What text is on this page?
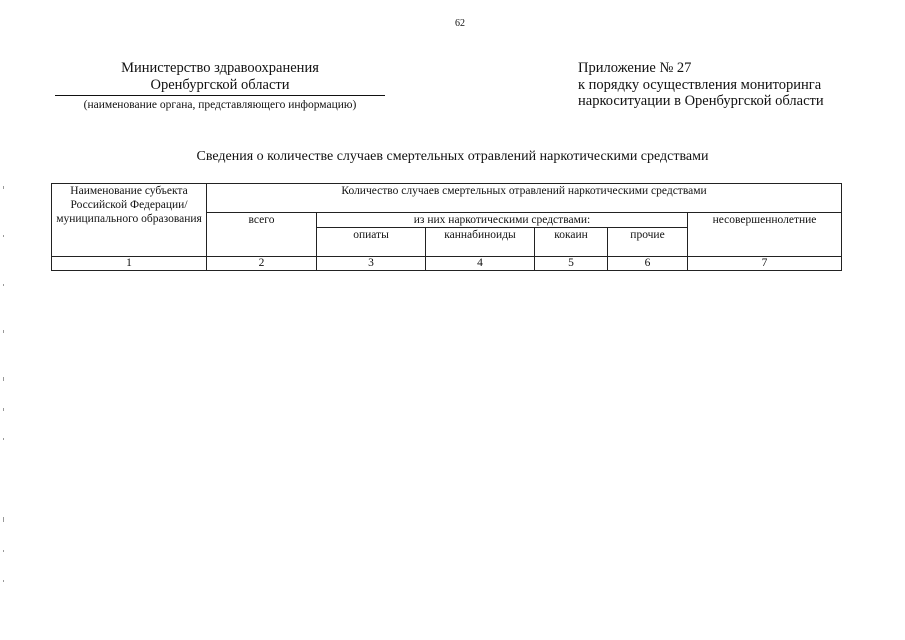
62
Министерство здравоохранения
Оренбургской области
(наименование органа, представляющего информацию)
Приложение № 27
к порядку осуществления мониторинга
наркоситуации в Оренбургской области
Сведения о количестве случаев смертельных отравлений наркотическими средствами
Наименование субъекта Российской Федерации/ муниципального образования	Количество случаев смертельных отравлений наркотическими средствами					
	всего	из них наркотическими средствами:				несовершеннолетние
		опиаты	каннабиноиды	кокаин	прочие	
1	2	3	4	5	6	7
